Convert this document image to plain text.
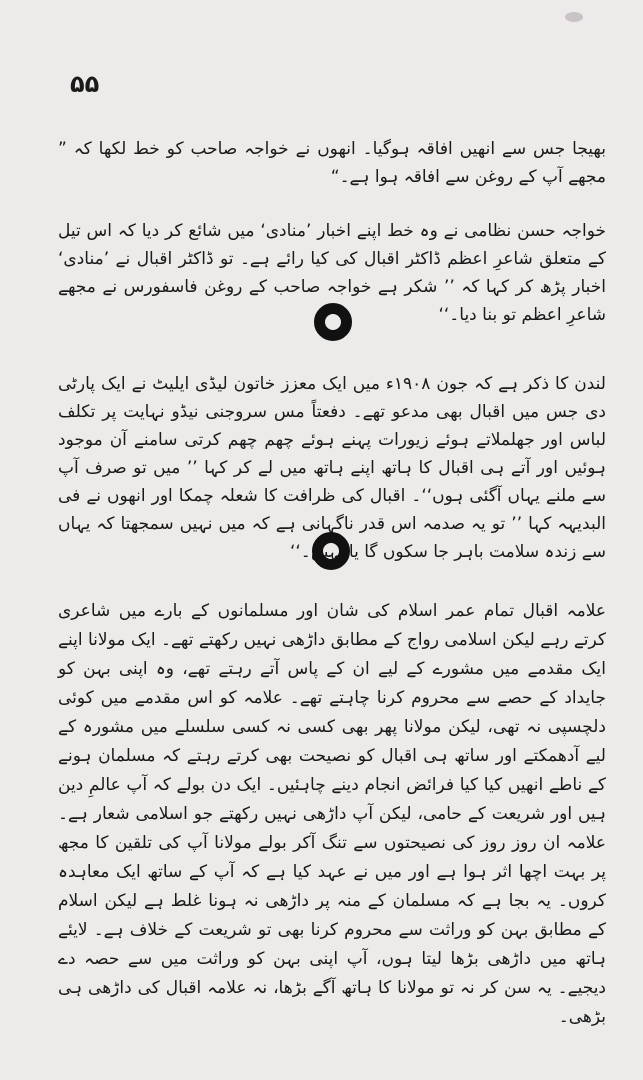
۵۵

بھیجا جس سے انھیں افاقہ ہوگیا۔ انھوں نے خواجہ صاحب کو خط لکھا کہ ” مجھے آپ کے روغن سے افاقہ ہوا ہے۔“

خواجہ حسن نظامی نے وہ خط اپنے اخبار ’منادی‘ میں شائع کر دیا کہ اس تیل کے متعلق شاعرِ اعظم ڈاکٹر اقبال کی کیا رائے ہے۔ تو ڈاکٹر اقبال نے ’منادی‘ اخبار پڑھ کر کہا کہ ’’ شکر ہے خواجہ صاحب کے روغن فاسفورس نے مجھے شاعرِ اعظم تو بنا دیا۔‘‘

لندن کا ذکر ہے کہ جون ۱۹۰۸ء میں ایک معزز خاتون لیڈی ایلیٹ نے ایک پارٹی دی جس میں اقبال بھی مدعو تھے۔ دفعتاً مس سروجنی نیڈو نہایت پر تکلف لباس اور جھلملاتے ہوئے زیورات پہنے ہوئے چھم چھم کرتی سامنے آن موجود ہوئیں اور آتے ہی اقبال کا ہاتھ اپنے ہاتھ میں لے کر کہا ’’ میں تو صرف آپ سے ملنے یہاں آگئی ہوں‘‘۔ اقبال کی ظرافت کا شعلہ چمکا اور انھوں نے فی البدیہہ کہا ’’ تو یہ صدمہ اس قدر ناگہانی ہے کہ میں نہیں سمجھتا کہ یہاں سے زندہ سلامت باہر جا سکوں گا یا نہیں۔‘‘

علامہ اقبال تمام عمر اسلام کی شان اور مسلمانوں کے بارے میں شاعری کرتے رہے لیکن اسلامی رواج کے مطابق داڑھی نہیں رکھتے تھے۔ ایک مولانا اپنے ایک مقدمے میں مشورے کے لیے ان کے پاس آتے رہتے تھے، وہ اپنی بہن کو جایداد کے حصے سے محروم کرنا چاہتے تھے۔ علامہ کو اس مقدمے میں کوئی دلچسپی نہ تھی، لیکن مولانا پھر بھی کسی نہ کسی سلسلے میں مشورہ کے لیے آدھمکتے اور ساتھ ہی اقبال کو نصیحت بھی کرتے رہتے کہ مسلمان ہونے کے ناطے انھیں کیا کیا فرائض انجام دینے چاہئیں۔ ایک دن بولے کہ آپ عالمِ دین ہیں اور شریعت کے حامی، لیکن آپ داڑھی نہیں رکھتے جو اسلامی شعار ہے۔ علامہ ان روز روز کی نصیحتوں سے تنگ آکر بولے مولانا آپ کی تلقین کا مجھ پر بہت اچھا اثر ہوا ہے اور میں نے عہد کیا ہے کہ آپ کے ساتھ ایک معاہدہ کروں۔ یہ بجا ہے کہ مسلمان کے منہ پر داڑھی نہ ہونا غلط ہے لیکن اسلام کے مطابق بہن کو وراثت سے محروم کرنا بھی تو شریعت کے خلاف ہے۔ لایئے ہاتھ میں داڑھی بڑھا لیتا ہوں، آپ اپنی بہن کو وراثت میں سے حصہ دے دیجیے۔ یہ سن کر نہ تو مولانا کا ہاتھ آگے بڑھا، نہ علامہ اقبال کی داڑھی ہی بڑھی۔
